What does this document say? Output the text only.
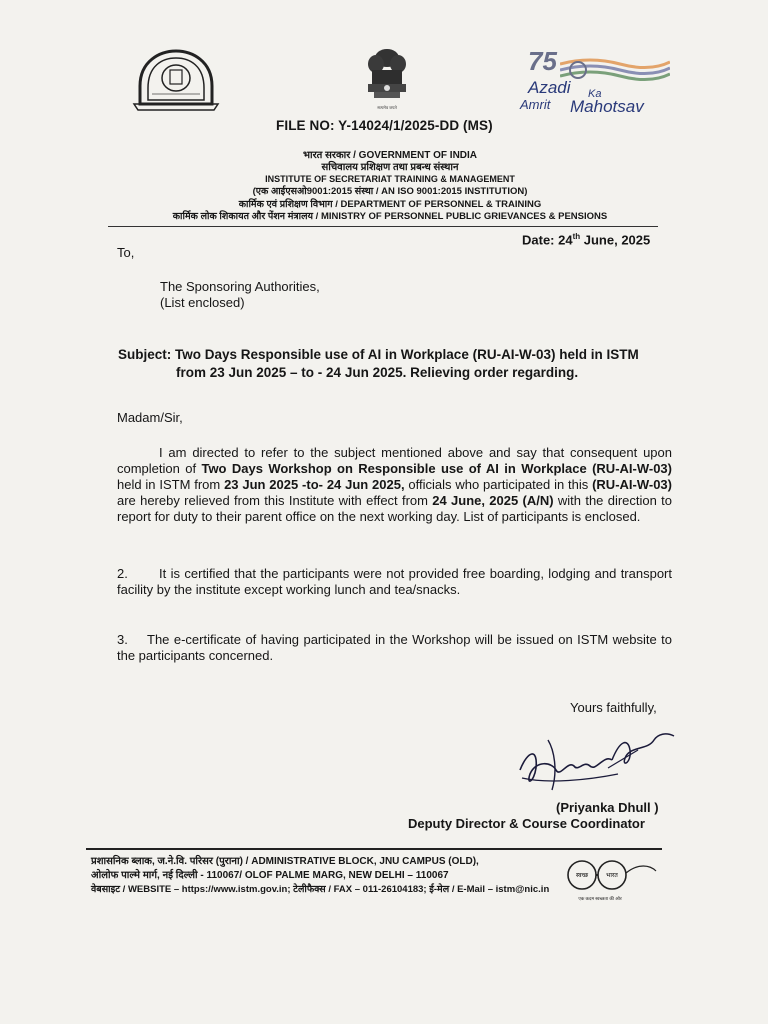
सत्यमेव जयते
75
Azadi Ka
Amrit Mahotsav
FILE NO: Y-14024/1/2025-DD (MS)
भारत सरकार / GOVERNMENT OF INDIA
सचिवालय प्रशिक्षण तथा प्रबन्ध संस्थान
INSTITUTE OF SECRETARIAT TRAINING & MANAGEMENT
(एक आईएसओ9001:2015 संस्था / AN ISO 9001:2015 INSTITUTION)
कार्मिक एवं प्रशिक्षण विभाग / DEPARTMENT OF PERSONNEL & TRAINING
कार्मिक लोक शिकायत और पेंशन मंत्रालय / MINISTRY OF PERSONNEL PUBLIC GRIEVANCES & PENSIONS
Date: 24th June, 2025
To,
The Sponsoring Authorities,
(List enclosed)
Subject: Two Days Responsible use of AI in Workplace (RU-AI-W-03) held in ISTM
from 23 Jun 2025 – to - 24 Jun 2025. Relieving order regarding.
Madam/Sir,
I am directed to refer to the subject mentioned above and say that consequent upon completion of Two Days Workshop on Responsible use of AI in Workplace (RU-AI-W-03) held in ISTM from 23 Jun 2025 -to- 24 Jun 2025, officials who participated in this (RU-AI-W-03) are hereby relieved from this Institute with effect from 24 June, 2025 (A/N) with the direction to report for duty to their parent office on the next working day. List of participants is enclosed.
2. It is certified that the participants were not provided free boarding, lodging and transport facility by the institute except working lunch and tea/snacks.
3. The e-certificate of having participated in the Workshop will be issued on ISTM website to the participants concerned.
Yours faithfully,
(Priyanka Dhull )
Deputy Director & Course Coordinator
प्रशासनिक ब्लाक, ज.ने.वि. परिसर (पुराना) / ADMINISTRATIVE BLOCK, JNU CAMPUS (OLD),
ओलोफ पाल्मे मार्ग, नई दिल्ली - 110067/ OLOF PALME MARG, NEW DELHI – 110067
वेबसाइट / WEBSITE – https://www.istm.gov.in; टेलीफैक्स / FAX – 011-26104183; ई-मेल / E-Mail – istm@nic.in
स्वच्छ	भारत
एक कदम स्वच्छता की ओर
